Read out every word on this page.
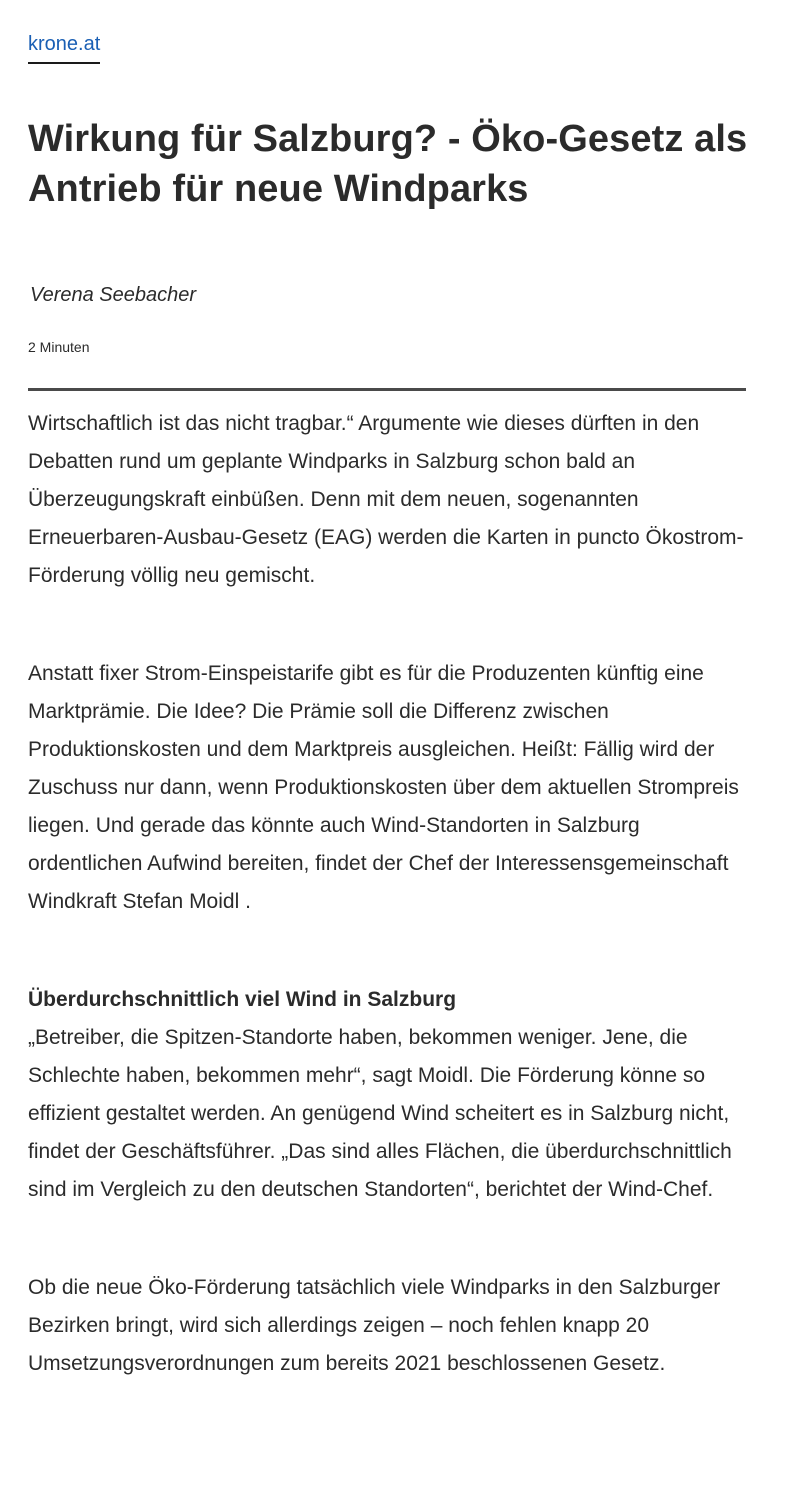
krone.at
Wirkung für Salzburg? - Öko-Gesetz als Antrieb für neue Windparks
Verena Seebacher
2 Minuten

Wirtschaftlich ist das nicht tragbar.“ Argumente wie dieses dürften in den Debatten rund um geplante Windparks in Salzburg schon bald an Überzeugungskraft einbüßen. Denn mit dem neuen, sogenannten Erneuerbaren-Ausbau-Gesetz (EAG) werden die Karten in puncto Ökostrom-Förderung völlig neu gemischt.

Anstatt fixer Strom-Einspeistarife gibt es für die Produzenten künftig eine Marktprämie. Die Idee? Die Prämie soll die Differenz zwischen Produktionskosten und dem Marktpreis ausgleichen. Heißt: Fällig wird der Zuschuss nur dann, wenn Produktionskosten über dem aktuellen Strompreis liegen. Und gerade das könnte auch Wind-Standorten in Salzburg ordentlichen Aufwind bereiten, findet der Chef der Interessensgemeinschaft Windkraft Stefan Moidl .

Überdurchschnittlich viel Wind in Salzburg

„Betreiber, die Spitzen-Standorte haben, bekommen weniger. Jene, die Schlechte haben, bekommen mehr“, sagt Moidl. Die Förderung könne so effizient gestaltet werden. An genügend Wind scheitert es in Salzburg nicht, findet der Geschäftsführer. „Das sind alles Flächen, die überdurchschnittlich sind im Vergleich zu den deutschen Standorten“, berichtet der Wind-Chef.

Ob die neue Öko-Förderung tatsächlich viele Windparks in den Salzburger Bezirken bringt, wird sich allerdings zeigen – noch fehlen knapp 20 Umsetzungsverordnungen zum bereits 2021 beschlossenen Gesetz.
